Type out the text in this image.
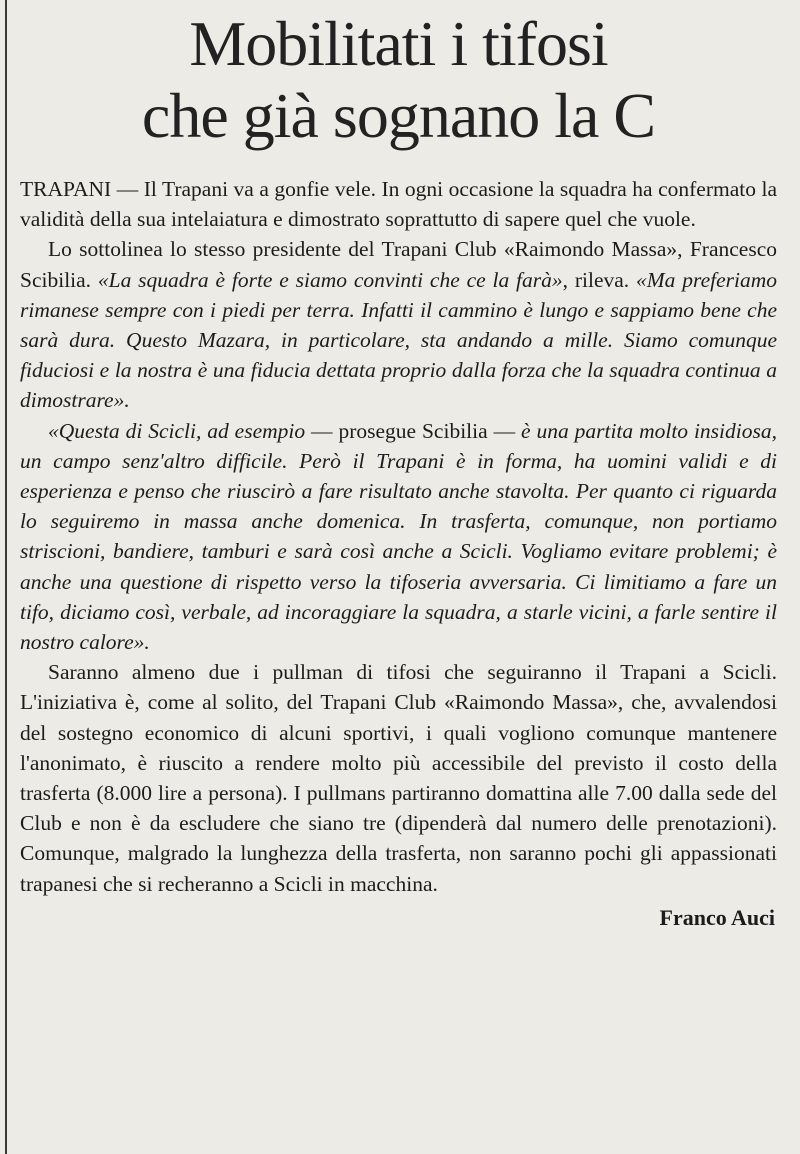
Mobilitati i tifosi
che già sognano la C

TRAPANI — Il Trapani va a gonfie vele. In ogni occasione la squadra ha confermato la validità della sua intelaiatura e dimostrato soprattutto di sapere quel che vuole.

Lo sottolinea lo stesso presidente del Trapani Club «Raimondo Massa», Francesco Scibilia. «La squadra è forte e siamo convinti che ce la farà», rileva. «Ma preferiamo rimanese sempre con i piedi per terra. Infatti il cammino è lungo e sappiamo bene che sarà dura. Questo Mazara, in particolare, sta andando a mille. Siamo comunque fiduciosi e la nostra è una fiducia dettata proprio dalla forza che la squadra continua a dimostrare».

«Questa di Scicli, ad esempio — prosegue Scibilia — è una partita molto insidiosa, un campo senz'altro difficile. Però il Trapani è in forma, ha uomini validi e di esperienza e penso che riuscirò a fare risultato anche stavolta. Per quanto ci riguarda lo seguiremo in massa anche domenica. In trasferta, comunque, non portiamo striscioni, bandiere, tamburi e sarà così anche a Scicli. Vogliamo evitare problemi; è anche una questione di rispetto verso la tifoseria avversaria. Ci limitiamo a fare un tifo, diciamo così, verbale, ad incoraggiare la squadra, a starle vicini, a farle sentire il nostro calore».

Saranno almeno due i pullman di tifosi che seguiranno il Trapani a Scicli. L'iniziativa è, come al solito, del Trapani Club «Raimondo Massa», che, avvalendosi del sostegno economico di alcuni sportivi, i quali vogliono comunque mantenere l'anonimato, è riuscito a rendere molto più accessibile del previsto il costo della trasferta (8.000 lire a persona). I pullmans partiranno domattina alle 7.00 dalla sede del Club e non è da escludere che siano tre (dipenderà dal numero delle prenotazioni). Comunque, malgrado la lunghezza della trasferta, non saranno pochi gli appassionati trapanesi che si recheranno a Scicli in macchina.

Franco Auci
